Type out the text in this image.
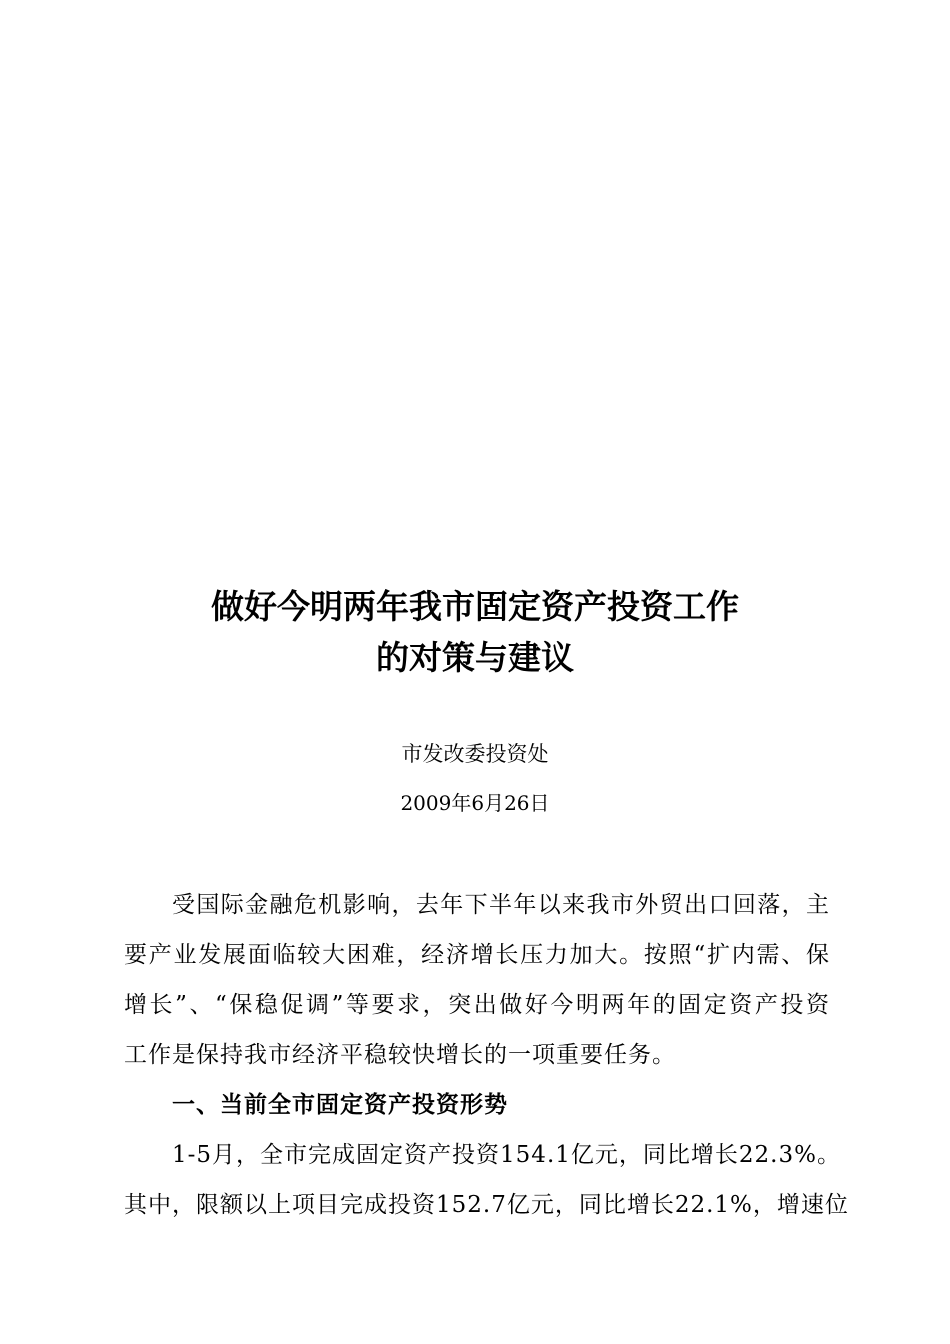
做好今明两年我市固定资产投资工作
的对策与建议
市发改委投资处
2009年6月26日
受国际金融危机影响，去年下半年以来我市外贸出口回落，主
要产业发展面临较大困难，经济增长压力加大。按照“扩内需、保
增长”、“保稳促调”等要求，突出做好今明两年的固定资产投资
工作是保持我市经济平稳较快增长的一项重要任务。
一、当前全市固定资产投资形势
1-5月，全市完成固定资产投资154.1亿元，同比增长22.3%。
其中，限额以上项目完成投资152.7亿元，同比增长22.1%，增速位
